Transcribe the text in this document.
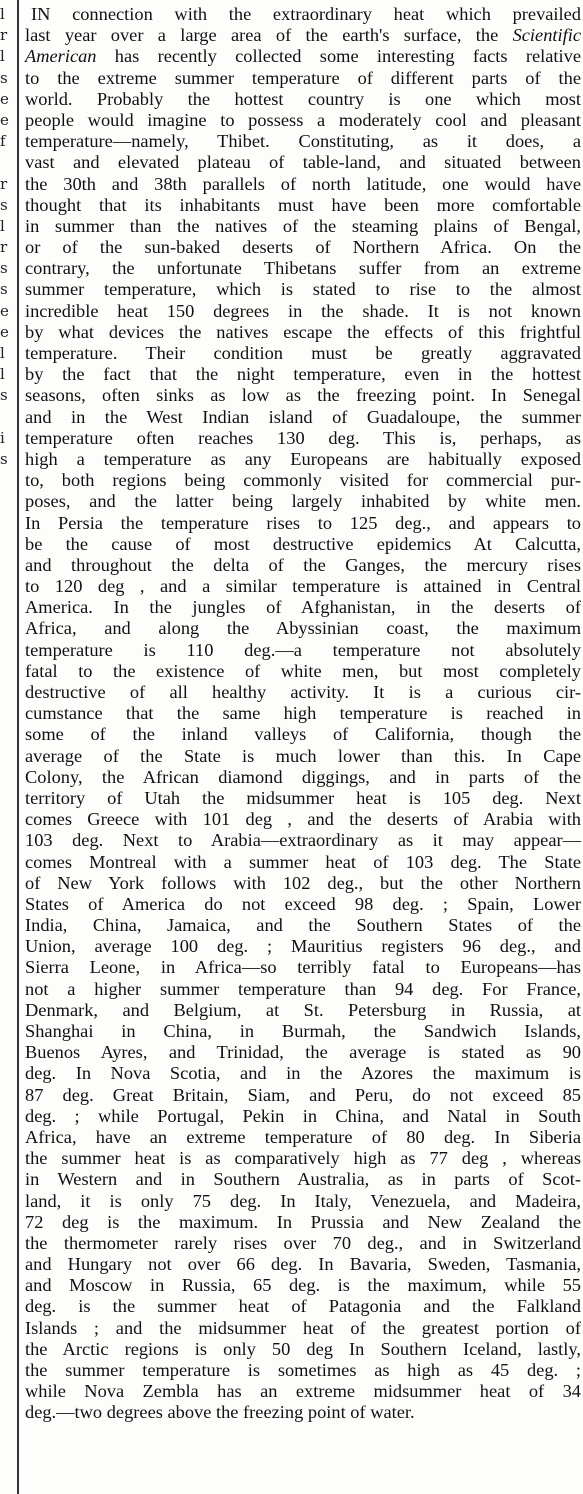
l
r
l
s
e
e
f
r
s
l
r
s
s
e
e
l
l
s
i
s
IN connection with the extraordinary heat which prevailed
last year over a large area of the earth's surface, the Scientific
American has recently collected some interesting facts relative
to the extreme summer temperature of different parts of the
world. Probably the hottest country is one which most
people would imagine to possess a moderately cool and pleasant
temperature—namely, Thibet. Constituting, as it does, a
vast and elevated plateau of table-land, and situated between
the 30th and 38th parallels of north latitude, one would have
thought that its inhabitants must have been more comfortable
in summer than the natives of the steaming plains of Bengal,
or of the sun-baked deserts of Northern Africa. On the
contrary, the unfortunate Thibetans suffer from an extreme
summer temperature, which is stated to rise to the almost
incredible heat 150 degrees in the shade. It is not known
by what devices the natives escape the effects of this frightful
temperature. Their condition must be greatly aggravated
by the fact that the night temperature, even in the hottest
seasons, often sinks as low as the freezing point. In Senegal
and in the West Indian island of Guadaloupe, the summer
temperature often reaches 130 deg. This is, perhaps, as
high a temperature as any Europeans are habitually exposed
to, both regions being commonly visited for commercial pur-
poses, and the latter being largely inhabited by white men.
In Persia the temperature rises to 125 deg., and appears to
be the cause of most destructive epidemics At Calcutta,
and throughout the delta of the Ganges, the mercury rises
to 120 deg , and a similar temperature is attained in Central
America. In the jungles of Afghanistan, in the deserts of
Africa, and along the Abyssinian coast, the maximum
temperature is 110 deg.—a temperature not absolutely
fatal to the existence of white men, but most completely
destructive of all healthy activity. It is a curious cir-
cumstance that the same high temperature is reached in
some of the inland valleys of California, though the
average of the State is much lower than this. In Cape
Colony, the African diamond diggings, and in parts of the
territory of Utah the midsummer heat is 105 deg. Next
comes Greece with 101 deg , and the deserts of Arabia with
103 deg. Next to Arabia—extraordinary as it may appear—
comes Montreal with a summer heat of 103 deg. The State
of New York follows with 102 deg., but the other Northern
States of America do not exceed 98 deg. ; Spain, Lower
India, China, Jamaica, and the Southern States of the
Union, average 100 deg. ; Mauritius registers 96 deg., and
Sierra Leone, in Africa—so terribly fatal to Europeans—has
not a higher summer temperature than 94 deg. For France,
Denmark, and Belgium, at St. Petersburg in Russia, at
Shanghai in China, in Burmah, the Sandwich Islands,
Buenos Ayres, and Trinidad, the average is stated as 90
deg. In Nova Scotia, and in the Azores the maximum is
87 deg. Great Britain, Siam, and Peru, do not exceed 85
deg. ; while Portugal, Pekin in China, and Natal in South
Africa, have an extreme temperature of 80 deg. In Siberia
the summer heat is as comparatively high as 77 deg , whereas
in Western and in Southern Australia, as in parts of Scot-
land, it is only 75 deg. In Italy, Venezuela, and Madeira,
72 deg is the maximum. In Prussia and New Zealand the
the thermometer rarely rises over 70 deg., and in Switzerland
and Hungary not over 66 deg. In Bavaria, Sweden, Tasmania,
and Moscow in Russia, 65 deg. is the maximum, while 55
deg. is the summer heat of Patagonia and the Falkland
Islands ; and the midsummer heat of the greatest portion of
the Arctic regions is only 50 deg In Southern Iceland, lastly,
the summer temperature is sometimes as high as 45 deg. ;
while Nova Zembla has an extreme midsummer heat of 34
deg.—two degrees above the freezing point of water.
